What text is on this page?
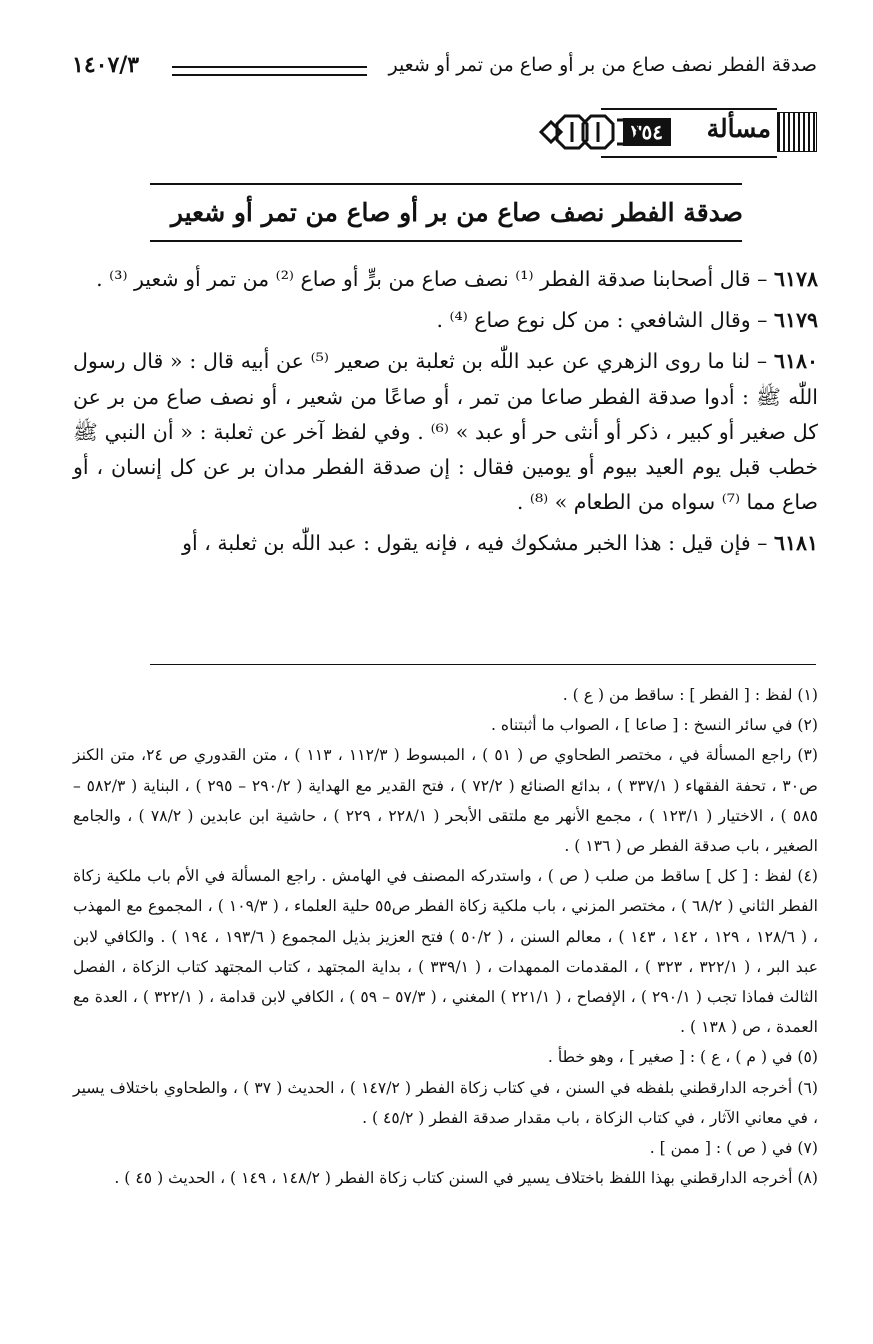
صدقة الفطر نصف صاع من بر أو صاع من تمر أو شعير
١٤٠٧/٣
مسألة
٣٥٤
صدقة الفطر نصف صاع من بر أو صاع من تمر أو شعير

٦١٧٨ – قال أصحابنا صدقة الفطر ⁽¹⁾ نصف صاع من برٍّ أو صاع ⁽²⁾ من تمر أو شعير ⁽³⁾ .

٦١٧٩ – وقال الشافعي : من كل نوع صاع ⁽⁴⁾ .

٦١٨٠ – لنا ما روى الزهري عن عبد اللّٰه بن ثعلبة بن صعير ⁽⁵⁾ عن أبيه قال : « قال رسول اللّٰه ﷺ : أدوا صدقة الفطر صاعا من تمر ، أو صاعًا من شعير ، أو نصف صاع من بر عن كل صغير أو كبير ، ذكر أو أنثى حر أو عبد » ⁽⁶⁾ . وفي لفظ آخر عن ثعلبة : « أن النبي ﷺ خطب قبل يوم العيد بيوم أو يومين فقال : إن صدقة الفطر مدان بر عن كل إنسان ، أو صاع مما ⁽⁷⁾ سواه من الطعام » ⁽⁸⁾ .

٦١٨١ – فإن قيل : هذا الخبر مشكوك فيه ، فإنه يقول : عبد اللّٰه بن ثعلبة ، أو

(١) لفظ : [ الفطر ] : ساقط من ( ع ) .

(٢) في سائر النسخ : [ صاعا ] ، الصواب ما أثبتناه .

(٣) راجع المسألة في ، مختصر الطحاوي ص ( ٥١ ) ، المبسوط ( ١١٢/٣ ، ١١٣ ) ، متن القدوري ص ٢٤، متن الكنز ص٣٠ ، تحفة الفقهاء ( ٣٣٧/١ ) ، بدائع الصنائع ( ٧٢/٢ ) ، فتح القدير مع الهداية ( ٢٩٠/٢ – ٢٩٥ ) ، البناية ( ٥٨٢/٣ – ٥٨٥ ) ، الاختيار ( ١٢٣/١ ) ، مجمع الأنهر مع ملتقى الأبحر ( ٢٢٨/١ ، ٢٢٩ ) ، حاشية ابن عابدين ( ٧٨/٢ ) ، والجامع الصغير ، باب صدقة الفطر ص ( ١٣٦ ) .

(٤) لفظ : [ كل ] ساقط من صلب ( ص ) ، واستدركه المصنف في الهامش . راجع المسألة في الأم باب ملكية زكاة الفطر الثاني ( ٦٨/٢ ) ، مختصر المزني ، باب ملكية زكاة الفطر ص٥٥ حلية العلماء ، ( ١٠٩/٣ ) ، المجموع مع المهذب ، ( ١٢٨/٦ ، ١٢٩ ، ١٤٢ ، ١٤٣ ) ، معالم السنن ، ( ٥٠/٢ ) فتح العزيز بذيل المجموع ( ١٩٣/٦ ، ١٩٤ ) . والكافي لابن عبد البر ، ( ٣٢٢/١ ، ٣٢٣ ) ، المقدمات الممهدات ، ( ٣٣٩/١ ) ، بداية المجتهد ، كتاب المجتهد كتاب الزكاة ، الفصل الثالث فماذا تجب ( ٢٩٠/١ ) ، الإفصاح ، ( ٢٢١/١ ) المغني ، ( ٥٧/٣ – ٥٩ ) ، الكافي لابن قدامة ، ( ٣٢٢/١ ) ، العدة مع العمدة ، ص ( ١٣٨ ) .

(٥) في ( م ) ، ع ) : [ صغير ] ، وهو خطأ .

(٦) أخرجه الدارقطني بلفظه في السنن ، في كتاب زكاة الفطر ( ١٤٧/٢ ) ، الحديث ( ٣٧ ) ، والطحاوي باختلاف يسير ، في معاني الآثار ، في كتاب الزكاة ، باب مقدار صدقة الفطر ( ٤٥/٢ ) .

(٧) في ( ص ) : [ ممن ] .

(٨) أخرجه الدارقطني بهذا اللفظ باختلاف يسير في السنن كتاب زكاة الفطر ( ١٤٨/٢ ، ١٤٩ ) ، الحديث ( ٤٥ ) .
